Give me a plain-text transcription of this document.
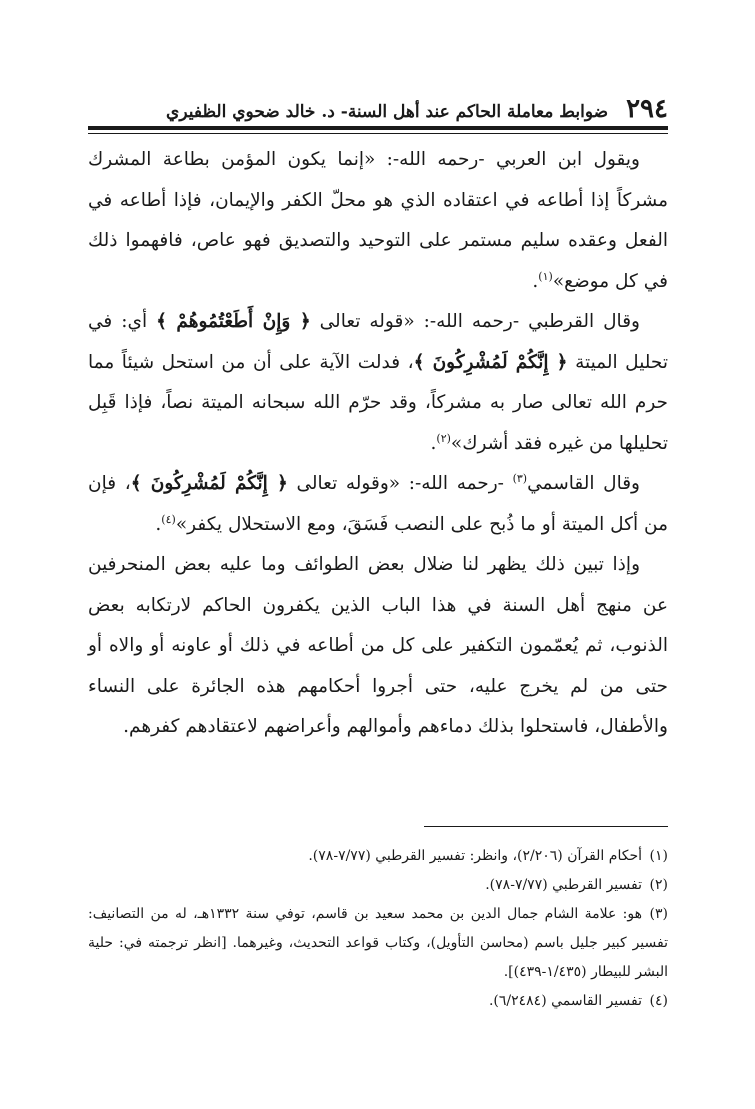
٢٩٤
ضوابط معاملة الحاكم عند أهل السنة- د. خالد ضحوي الظفيري

ويقول ابن العربي -رحمه الله-: «إنما يكون المؤمن بطاعة المشرك مشركاً إذا أطاعه في اعتقاده الذي هو محلّ الكفر والإيمان، فإذا أطاعه في الفعل وعقده سليم مستمر على التوحيد والتصديق فهو عاص، فافهموا ذلك في كل موضع»$^{(١)}$.

وقال القرطبي -رحمه الله-: «قوله تعالى ﴿ وَإِنْ أَطَعْتُمُوهُمْ ﴾ أي: في تحليل الميتة ﴿ إِنَّكُمْ لَمُشْرِكُونَ ﴾، فدلت الآية على أن من استحل شيئاً مما حرم الله تعالى صار به مشركاً، وقد حرّم الله سبحانه الميتة نصاً، فإذا قَبِل تحليلها من غيره فقد أشرك»$^{(٢)}$.

وقال القاسمي$^{(٣)}$ -رحمه الله-: «وقوله تعالى ﴿ إِنَّكُمْ لَمُشْرِكُونَ ﴾، فإن من أكل الميتة أو ما ذُبح على النصب فَسَقَ، ومع الاستحلال يكفر»$^{(٤)}$.

وإذا تبين ذلك يظهر لنا ضلال بعض الطوائف وما عليه بعض المنحرفين عن منهج أهل السنة في هذا الباب الذين يكفرون الحاكم لارتكابه بعض الذنوب، ثم يُعمّمون التكفير على كل من أطاعه في ذلك أو عاونه أو والاه أو حتى من لم يخرج عليه، حتى أجروا أحكامهم هذه الجائرة على النساء والأطفال، فاستحلوا بذلك دماءهم وأموالهم وأعراضهم لاعتقادهم كفرهم.

(١)أحكام القرآن (٢/٢٠٦)، وانظر: تفسير القرطبي (٧/٧٧-٧٨).

(٢)تفسير القرطبي (٧/٧٧-٧٨).

(٣)هو: علامة الشام جمال الدين بن محمد سعيد بن قاسم، توفي سنة ١٣٣٢هـ، له من التصانيف: تفسير كبير جليل باسم (محاسن التأويل)، وكتاب قواعد التحديث، وغيرهما. [انظر ترجمته في: حلية البشر للبيطار (١/٤٣٥-٤٣٩)].

(٤)تفسير القاسمي (٦/٢٤٨٤).
